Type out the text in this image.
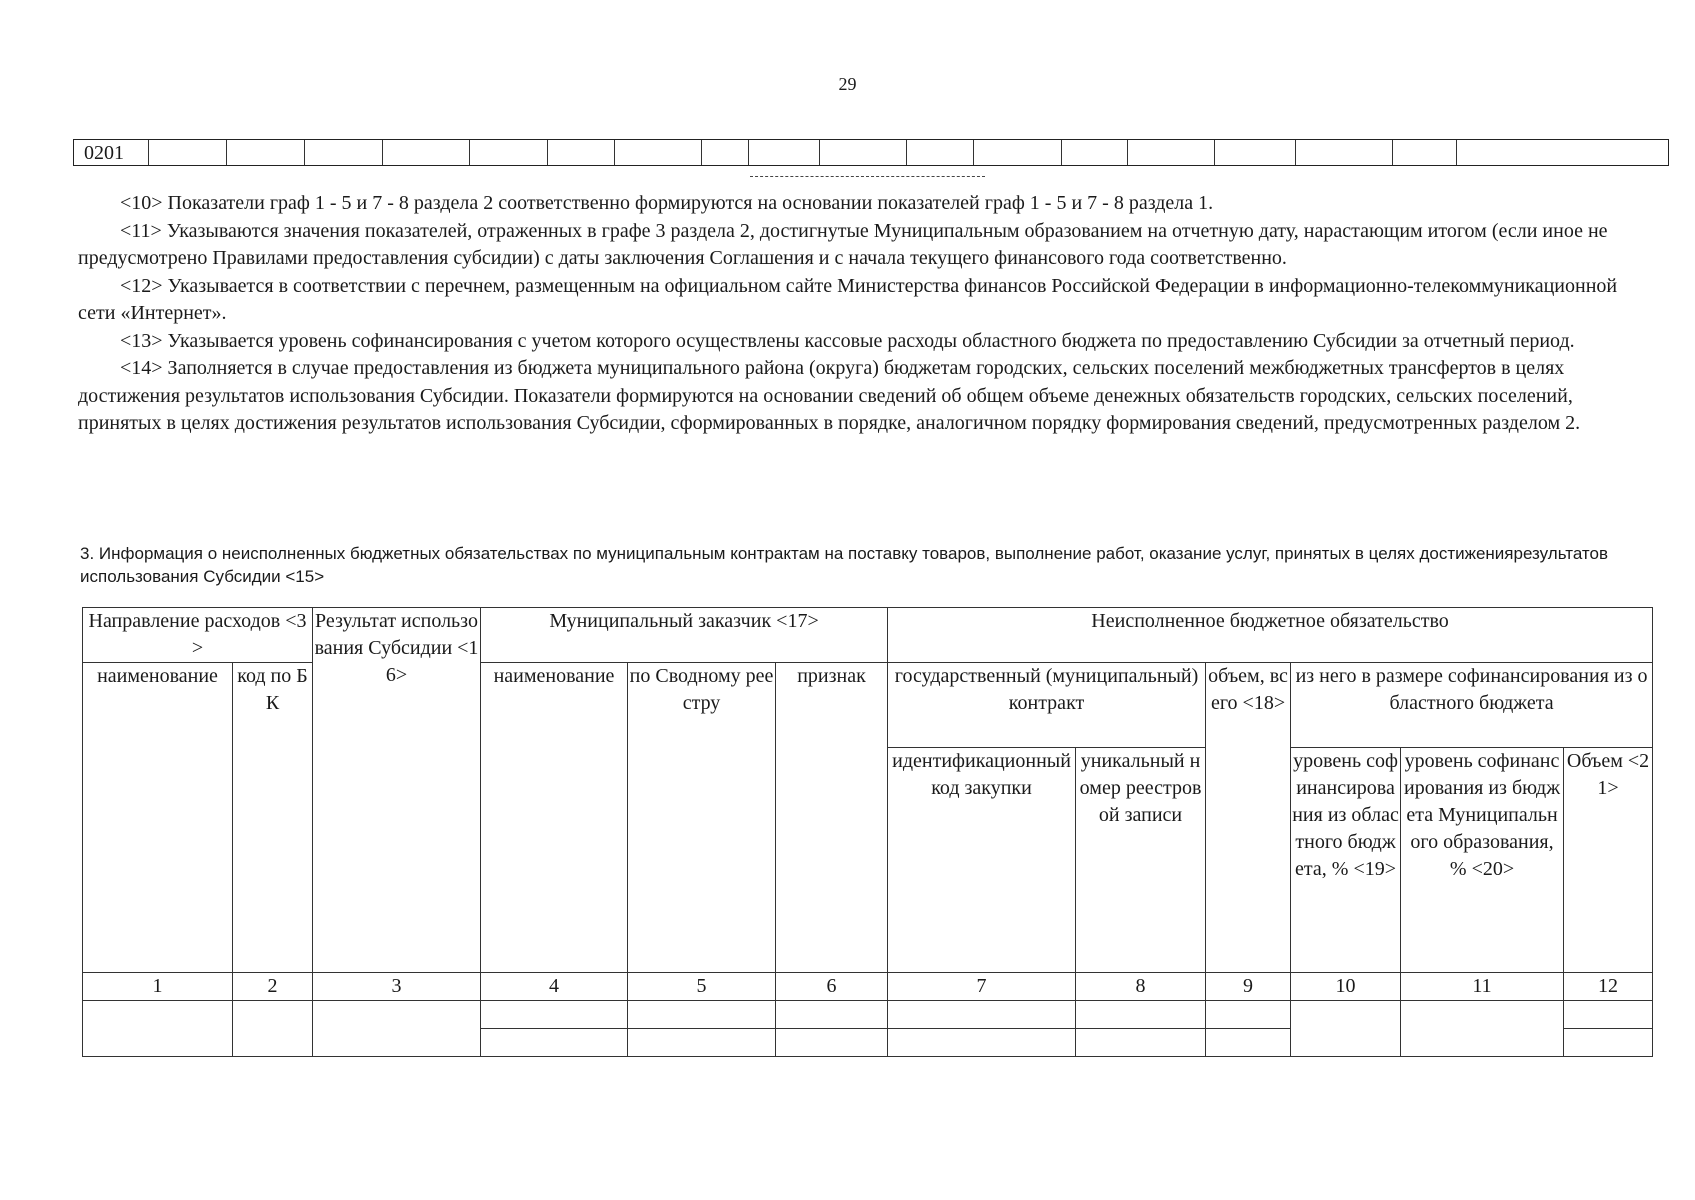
29
0201

<10> Показатели граф 1 - 5 и 7 - 8 раздела 2 соответственно формируются на основании показателей граф 1 - 5 и 7 - 8 раздела 1.

<11> Указываются значения показателей, отраженных в графе 3 раздела 2, достигнутые Муниципальным образованием на отчетную дату, нарастающим итогом (если иное не предусмотрено Правилами предоставления субсидии) с даты заключения Соглашения и с начала текущего финансового года соответственно.

<12> Указывается в соответствии с перечнем, размещенным на официальном сайте Министерства финансов Российской Федерации в информационно-телекоммуникационной сети «Интернет».

<13> Указывается уровень софинансирования с учетом которого осуществлены кассовые расходы областного бюджета по предоставлению Субсидии за отчетный период.

<14> Заполняется в случае предоставления из бюджета муниципального района (округа) бюджетам городских, сельских поселений межбюджетных трансфертов в целях достижения результатов использования Субсидии. Показатели формируются на основании сведений об общем объеме денежных обязательств городских, сельских поселений, принятых в целях достижения результатов использования Субсидии, сформированных в порядке, аналогичном порядку формирования сведений, предусмотренных разделом 2.

3. Информация о неисполненных бюджетных обязательствах по муниципальным контрактам на поставку товаров, выполнение работ, оказание услуг, принятых в целях достиженияpезультатов использования Субсидии <15>
Направление расходов <3>		Результат использования Субсидии <16>	Муниципальный заказчик <17>			Неисполненное бюджетное обязательство					
наименование	код по БК		наименование	по Сводному реестру	признак	государственный (муниципальный) контракт		объем, всего <18>	из него в размере софинансирования из областного бюджета		
						идентификационный код закупки	уникальный номер реестровой записи		уровень софинансирования из областного бюджета, % <19>	уровень софинансирования из бюджета Муниципального образования, % <20>	Объем <21>
1	2	3	4	5	6	7	8	9	10	11	12
